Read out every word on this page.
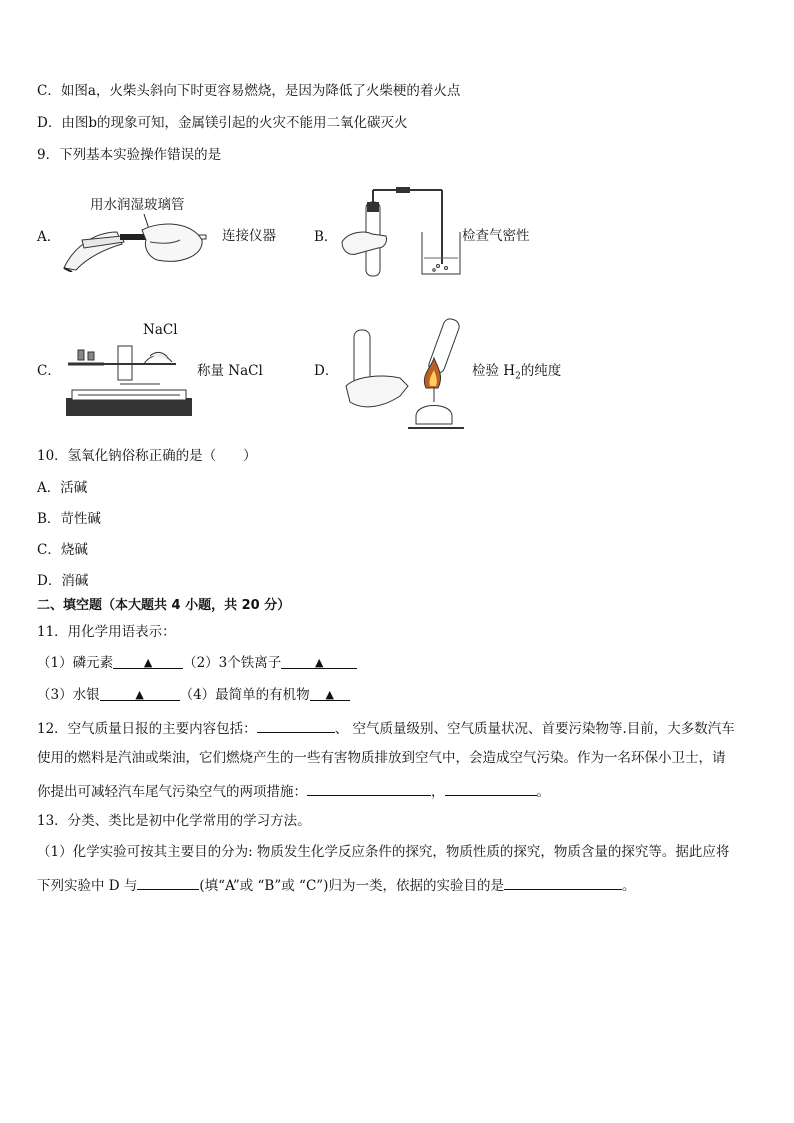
C．如图a，火柴头斜向下时更容易燃烧，是因为降低了火柴梗的着火点
D．由图b的现象可知，金属镁引起的火灾不能用二氧化碳灭火
9．下列基本实验操作错误的是
A．
用水润湿玻璃管
连接仪器	B．	检查气密性
C．
NaCl
称量 NaCl	D．	检验 $H_2$的纯度
10．氢氧化钠俗称正确的是（　　）
A．活碱
B．苛性碱
C．烧碱
D．消碱
二、填空题（本大题共 4 小题，共 20 分）
11．用化学用语表示：
（1）磷元素	▲ （2）3个铁离子	▲
（3）水银	▲	（4）最简单的有机物 ▲
12．空气质量日报的主要内容包括：	、 空气质量级别、空气质量状况、首要污染物等.目前，大多数汽车
使用的燃料是汽油或柴油，它们燃烧产生的一些有害物质排放到空气中，会造成空气污染。作为一名环保小卫士，请
你提出可减轻汽车尾气污染空气的两项措施：	，	。
13．分类、类比是初中化学常用的学习方法。
（1）化学实验可按其主要目的分为: 物质发生化学反应条件的探究，物质性质的探究，物质含量的探究等。据此应将
下列实验中 D 与	(填“A”或 “B”或 “C”)归为一类，依据的实验目的是	。
